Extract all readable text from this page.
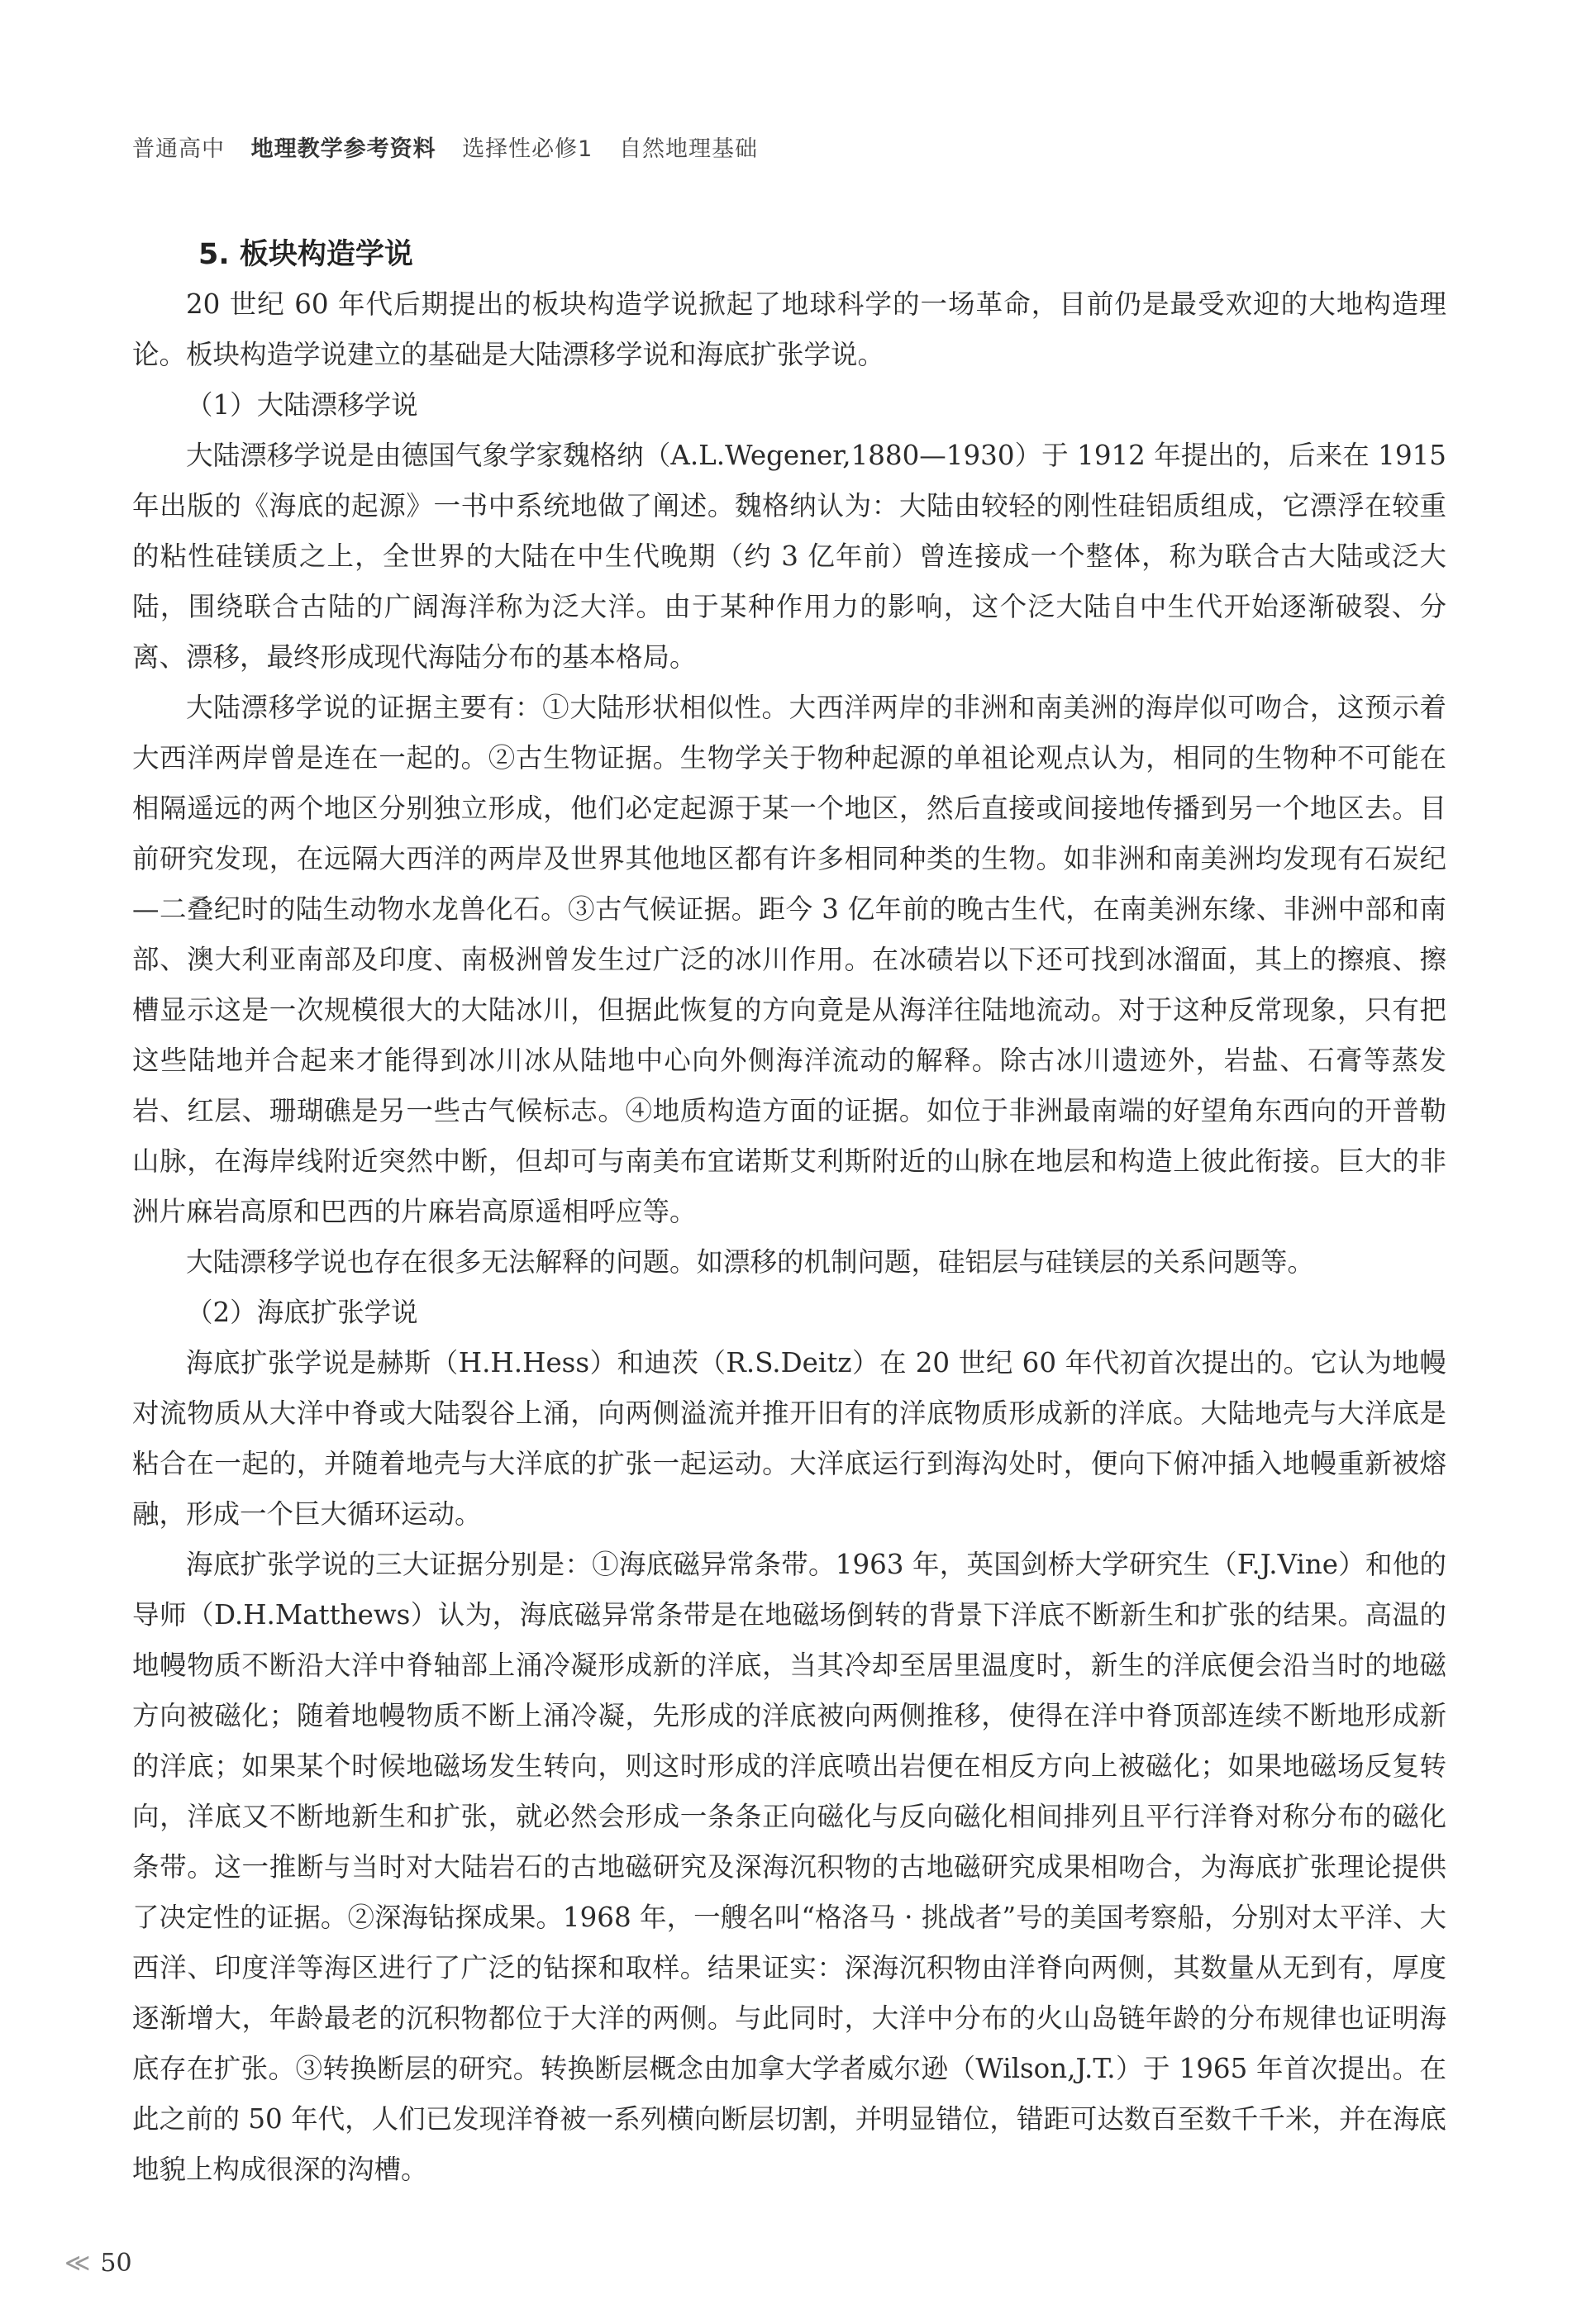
普通高中 地理教学参考资料 选择性必修1 自然地理基础
5. 板块构造学说

20 世纪 60 年代后期提出的板块构造学说掀起了地球科学的一场革命，目前仍是最受欢迎的大地构造理论。板块构造学说建立的基础是大陆漂移学说和海底扩张学说。

（1）大陆漂移学说

大陆漂移学说是由德国气象学家魏格纳（A.L.Wegener,1880—1930）于 1912 年提出的，后来在 1915 年出版的《海底的起源》一书中系统地做了阐述。魏格纳认为：大陆由较轻的刚性硅铝质组成，它漂浮在较重的粘性硅镁质之上，全世界的大陆在中生代晚期（约 3 亿年前）曾连接成一个整体，称为联合古大陆或泛大陆，围绕联合古陆的广阔海洋称为泛大洋。由于某种作用力的影响，这个泛大陆自中生代开始逐渐破裂、分离、漂移，最终形成现代海陆分布的基本格局。

大陆漂移学说的证据主要有：①大陆形状相似性。大西洋两岸的非洲和南美洲的海岸似可吻合，这预示着大西洋两岸曾是连在一起的。②古生物证据。生物学关于物种起源的单祖论观点认为，相同的生物种不可能在相隔遥远的两个地区分别独立形成，他们必定起源于某一个地区，然后直接或间接地传播到另一个地区去。目前研究发现，在远隔大西洋的两岸及世界其他地区都有许多相同种类的生物。如非洲和南美洲均发现有石炭纪—二叠纪时的陆生动物水龙兽化石。③古气候证据。距今 3 亿年前的晚古生代，在南美洲东缘、非洲中部和南部、澳大利亚南部及印度、南极洲曾发生过广泛的冰川作用。在冰碛岩以下还可找到冰溜面，其上的擦痕、擦槽显示这是一次规模很大的大陆冰川，但据此恢复的方向竟是从海洋往陆地流动。对于这种反常现象，只有把这些陆地并合起来才能得到冰川冰从陆地中心向外侧海洋流动的解释。除古冰川遗迹外，岩盐、石膏等蒸发岩、红层、珊瑚礁是另一些古气候标志。④地质构造方面的证据。如位于非洲最南端的好望角东西向的开普勒山脉，在海岸线附近突然中断，但却可与南美布宜诺斯艾利斯附近的山脉在地层和构造上彼此衔接。巨大的非洲片麻岩高原和巴西的片麻岩高原遥相呼应等。

大陆漂移学说也存在很多无法解释的问题。如漂移的机制问题，硅铝层与硅镁层的关系问题等。

（2）海底扩张学说

海底扩张学说是赫斯（H.H.Hess）和迪茨（R.S.Deitz）在 20 世纪 60 年代初首次提出的。它认为地幔对流物质从大洋中脊或大陆裂谷上涌，向两侧溢流并推开旧有的洋底物质形成新的洋底。大陆地壳与大洋底是粘合在一起的，并随着地壳与大洋底的扩张一起运动。大洋底运行到海沟处时，便向下俯冲插入地幔重新被熔融，形成一个巨大循环运动。

海底扩张学说的三大证据分别是：①海底磁异常条带。1963 年，英国剑桥大学研究生（F.J.Vine）和他的导师（D.H.Matthews）认为，海底磁异常条带是在地磁场倒转的背景下洋底不断新生和扩张的结果。高温的地幔物质不断沿大洋中脊轴部上涌冷凝形成新的洋底，当其冷却至居里温度时，新生的洋底便会沿当时的地磁方向被磁化；随着地幔物质不断上涌冷凝，先形成的洋底被向两侧推移，使得在洋中脊顶部连续不断地形成新的洋底；如果某个时候地磁场发生转向，则这时形成的洋底喷出岩便在相反方向上被磁化；如果地磁场反复转向，洋底又不断地新生和扩张，就必然会形成一条条正向磁化与反向磁化相间排列且平行洋脊对称分布的磁化条带。这一推断与当时对大陆岩石的古地磁研究及深海沉积物的古地磁研究成果相吻合，为海底扩张理论提供了决定性的证据。②深海钻探成果。1968 年，一艘名叫“格洛马 · 挑战者”号的美国考察船，分别对太平洋、大西洋、印度洋等海区进行了广泛的钻探和取样。结果证实：深海沉积物由洋脊向两侧，其数量从无到有，厚度逐渐增大，年龄最老的沉积物都位于大洋的两侧。与此同时，大洋中分布的火山岛链年龄的分布规律也证明海底存在扩张。③转换断层的研究。转换断层概念由加拿大学者威尔逊（Wilson,J.T.）于 1965 年首次提出。在此之前的 50 年代，人们已发现洋脊被一系列横向断层切割，并明显错位，错距可达数百至数千千米，并在海底地貌上构成很深的沟槽。

≪ 50
